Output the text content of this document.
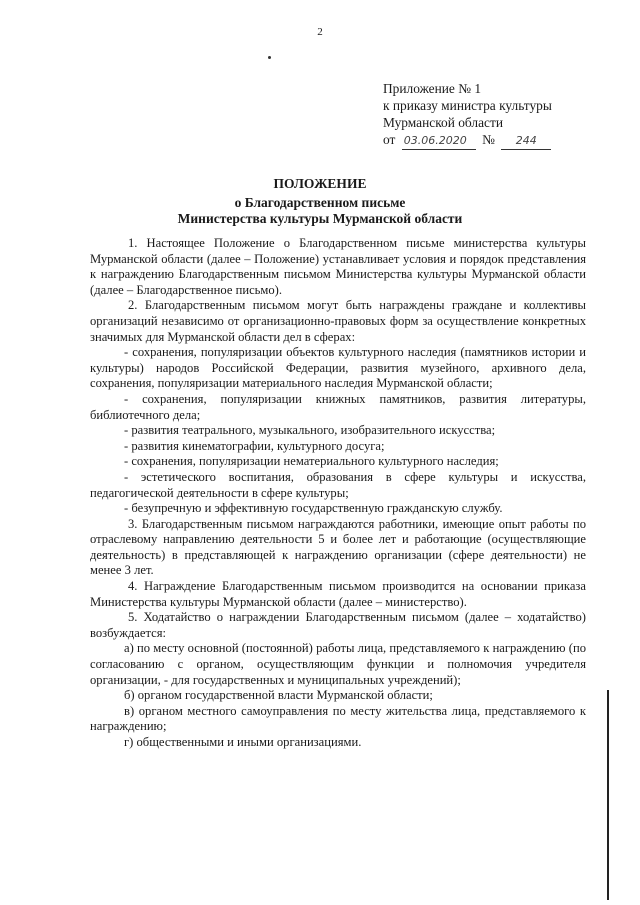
2
Приложение № 1
к приказу министра культуры
Мурманской области
от 03.06.2020 № 244
ПОЛОЖЕНИЕ
о Благодарственном письме
Министерства культуры Мурманской области

1. Настоящее Положение о Благодарственном письме министерства культуры Мурманской области (далее – Положение) устанавливает условия и порядок представления к награждению Благодарственным письмом Министерства культуры Мурманской области (далее – Благодарственное письмо).

2. Благодарственным письмом могут быть награждены граждане и коллективы организаций независимо от организационно-правовых форм за осуществление конкретных значимых для Мурманской области дел в сферах:

- сохранения, популяризации объектов культурного наследия (памятников истории и культуры) народов Российской Федерации, развития музейного, архивного дела, сохранения, популяризации материального наследия Мурманской области;

- сохранения, популяризации книжных памятников, развития литературы, библиотечного дела;

- развития театрального, музыкального, изобразительного искусства;

- развития кинематографии, культурного досуга;

- сохранения, популяризации нематериального культурного наследия;

- эстетического воспитания, образования в сфере культуры и искусства, педагогической деятельности в сфере культуры;

- безупречную и эффективную государственную гражданскую службу.

3. Благодарственным письмом награждаются работники, имеющие опыт работы по отраслевому направлению деятельности 5 и более лет и работающие (осуществляющие деятельность) в представляющей к награждению организации (сфере деятельности) не менее 3 лет.

4. Награждение Благодарственным письмом производится на основании приказа Министерства культуры Мурманской области (далее – министерство).

5. Ходатайство о награждении Благодарственным письмом (далее – ходатайство) возбуждается:

а) по месту основной (постоянной) работы лица, представляемого к награждению (по согласованию с органом, осуществляющим функции и полномочия учредителя организации, - для государственных и муниципальных учреждений);

б) органом государственной власти Мурманской области;

в) органом местного самоуправления по месту жительства лица, представляемого к награждению;

г) общественными и иными организациями.
